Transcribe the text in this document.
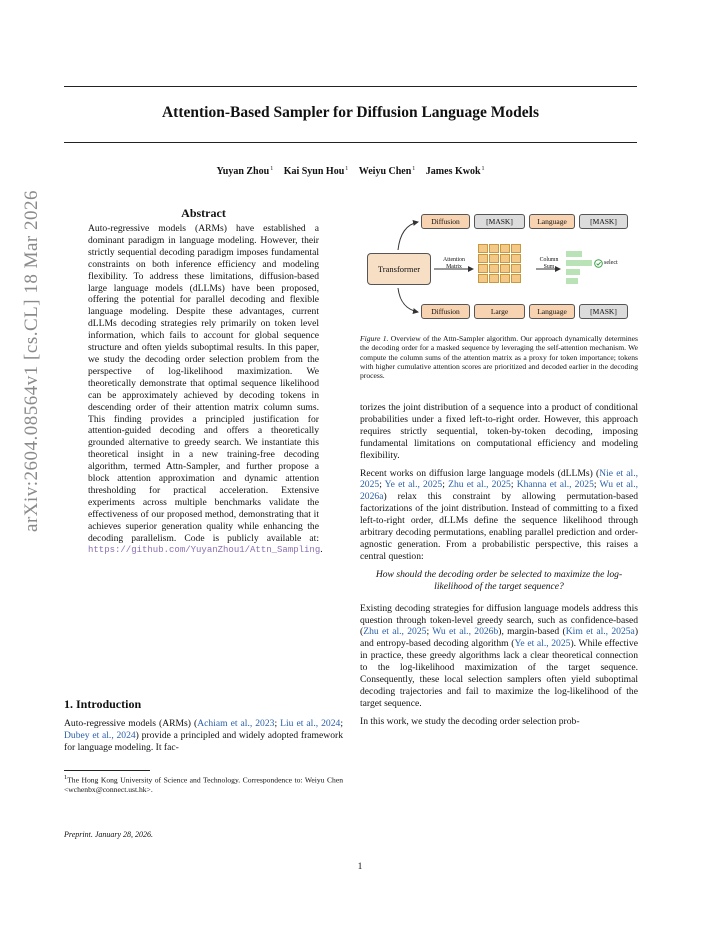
arXiv:2604.08564v1 [cs.CL] 18 Mar 2026
Attention-Based Sampler for Diffusion Language Models
Yuyan Zhou$^1$ Kai Syun Hou$^1$ Weiyu Chen$^1$ James Kwok$^1$
Abstract
Auto-regressive models (ARMs) have established a dominant paradigm in language modeling. However, their strictly sequential decoding paradigm imposes fundamental constraints on both inference efficiency and modeling flexibility. To address these limitations, diffusion-based large language models (dLLMs) have been proposed, offering the potential for parallel decoding and flexible language modeling. Despite these advantages, current dLLMs decoding strategies rely primarily on token level information, which fails to account for global sequence structure and often yields suboptimal results. In this paper, we study the decoding order selection problem from the perspective of log-likelihood maximization. We theoretically demonstrate that optimal sequence likelihood can be approximately achieved by decoding tokens in descending order of their attention matrix column sums. This finding provides a principled justification for attention-guided decoding and offers a theoretically grounded alternative to greedy search. We instantiate this theoretical insight in a new training-free decoding algorithm, termed Attn-Sampler, and further propose a block attention approximation and dynamic attention thresholding for practical acceleration. Extensive experiments across multiple benchmarks validate the effectiveness of our proposed method, demonstrating that it achieves superior generation quality while enhancing the decoding parallelism. Code is publicly available at: https://github.com/YuyanZhou1/Attn_Sampling.
1. Introduction
Auto-regressive models (ARMs) (Achiam et al., 2023; Liu et al., 2024; Dubey et al., 2024) provide a principled and widely adopted framework for language modeling. It fac-
$^1$The Hong Kong University of Science and Technology. Correspondence to: Weiyu Chen <wchenbx@connect.ust.hk>.
Preprint. January 28, 2026.
1
Diffusion	[MASK]	Language	[MASK]
Transformer
Attention
Matrix
Column
Sum
select
Diffusion	Large	Language	[MASK]
Figure 1. Overview of the Attn-Sampler algorithm. Our approach dynamically determines the decoding order for a masked sequence by leveraging the self-attention mechanism. We compute the column sums of the attention matrix as a proxy for token importance; tokens with higher cumulative attention scores are prioritized and decoded earlier in the decoding process.

torizes the joint distribution of a sequence into a product of conditional probabilities under a fixed left-to-right order. However, this approach requires strictly sequential, token-by-token decoding, imposing fundamental limitations on computational efficiency and modeling flexibility.

Recent works on diffusion large language models (dLLMs) (Nie et al., 2025; Ye et al., 2025; Zhu et al., 2025; Khanna et al., 2025; Wu et al., 2026a) relax this constraint by allowing permutation-based factorizations of the joint distribution. Instead of committing to a fixed left-to-right order, dLLMs define the sequence likelihood through arbitrary decoding permutations, enabling parallel prediction and order-agnostic generation. From a probabilistic perspective, this raises a central question:

How should the decoding order be selected to maximize the log-likelihood of the target sequence?

Existing decoding strategies for diffusion language models address this question through token-level greedy search, such as confidence-based (Zhu et al., 2025; Wu et al., 2026b), margin-based (Kim et al., 2025a) and entropy-based decoding algorithm (Ye et al., 2025). While effective in practice, these greedy algorithms lack a clear theoretical connection to the log-likelihood maximization of the target sequence. Consequently, these local selection samplers often yield suboptimal decoding trajectories and fail to maximize the log-likelihood of the target sequence.

In this work, we study the decoding order selection prob-
